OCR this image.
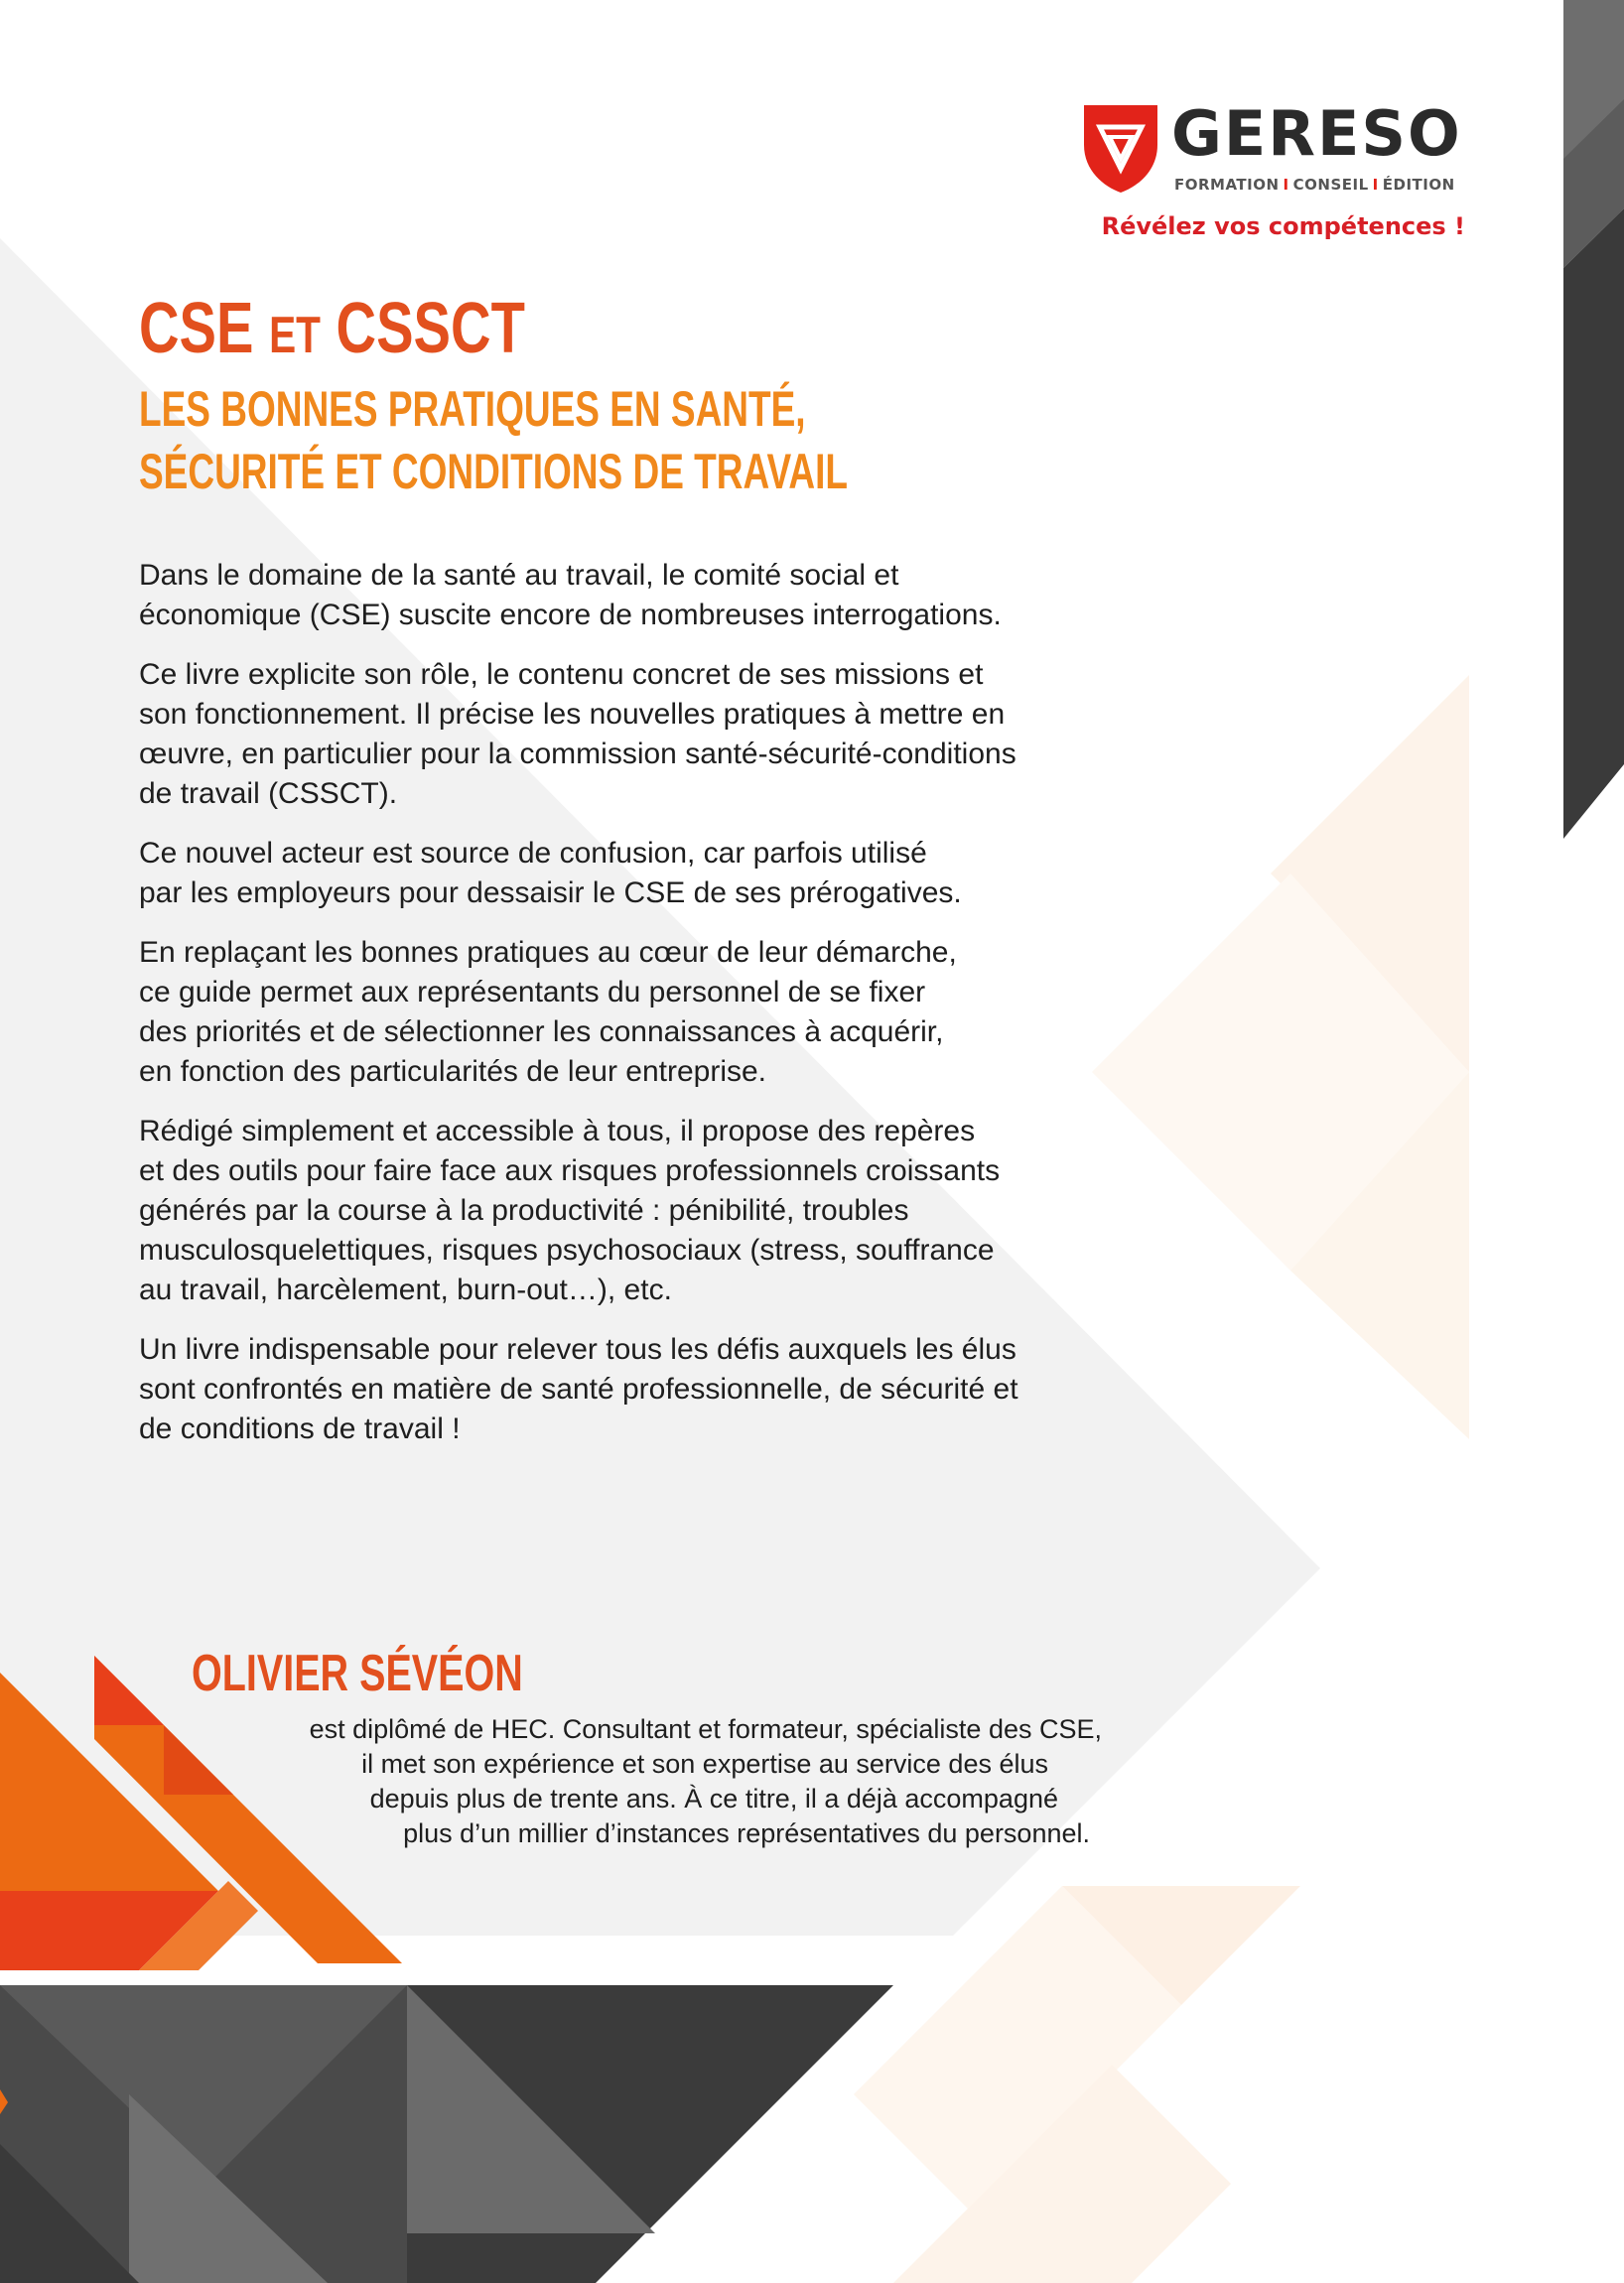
GERESO
FORMATION I CONSEIL I ÉDITION
Révélez vos compétences !
CSE ET CSSCT
LES BONNES PRATIQUES EN SANTÉ,
SÉCURITÉ ET CONDITIONS DE TRAVAIL

Dans le domaine de la santé au travail, le comité social et
économique (CSE) suscite encore de nombreuses interrogations.

Ce livre explicite son rôle, le contenu concret de ses missions et
son fonctionnement. Il précise les nouvelles pratiques à mettre en
œuvre, en particulier pour la commission santé-sécurité-conditions
de travail (CSSCT).

Ce nouvel acteur est source de confusion, car parfois utilisé
par les employeurs pour dessaisir le CSE de ses prérogatives.

En replaçant les bonnes pratiques au cœur de leur démarche,
ce guide permet aux représentants du personnel de se fixer
des priorités et de sélectionner les connaissances à acquérir,
en fonction des particularités de leur entreprise.

Rédigé simplement et accessible à tous, il propose des repères
et des outils pour faire face aux risques professionnels croissants
générés par la course à la productivité : pénibilité, troubles
musculosquelettiques, risques psychosociaux (stress, souffrance
au travail, harcèlement, burn-out…), etc.

Un livre indispensable pour relever tous les défis auxquels les élus
sont confrontés en matière de santé professionnelle, de sécurité et
de conditions de travail !

OLIVIER SÉVÉON
est diplômé de HEC. Consultant et formateur, spécialiste des CSE,
il met son expérience et son expertise au service des élus
depuis plus de trente ans. À ce titre, il a déjà accompagné
plus d’un millier d’instances représentatives du personnel.
